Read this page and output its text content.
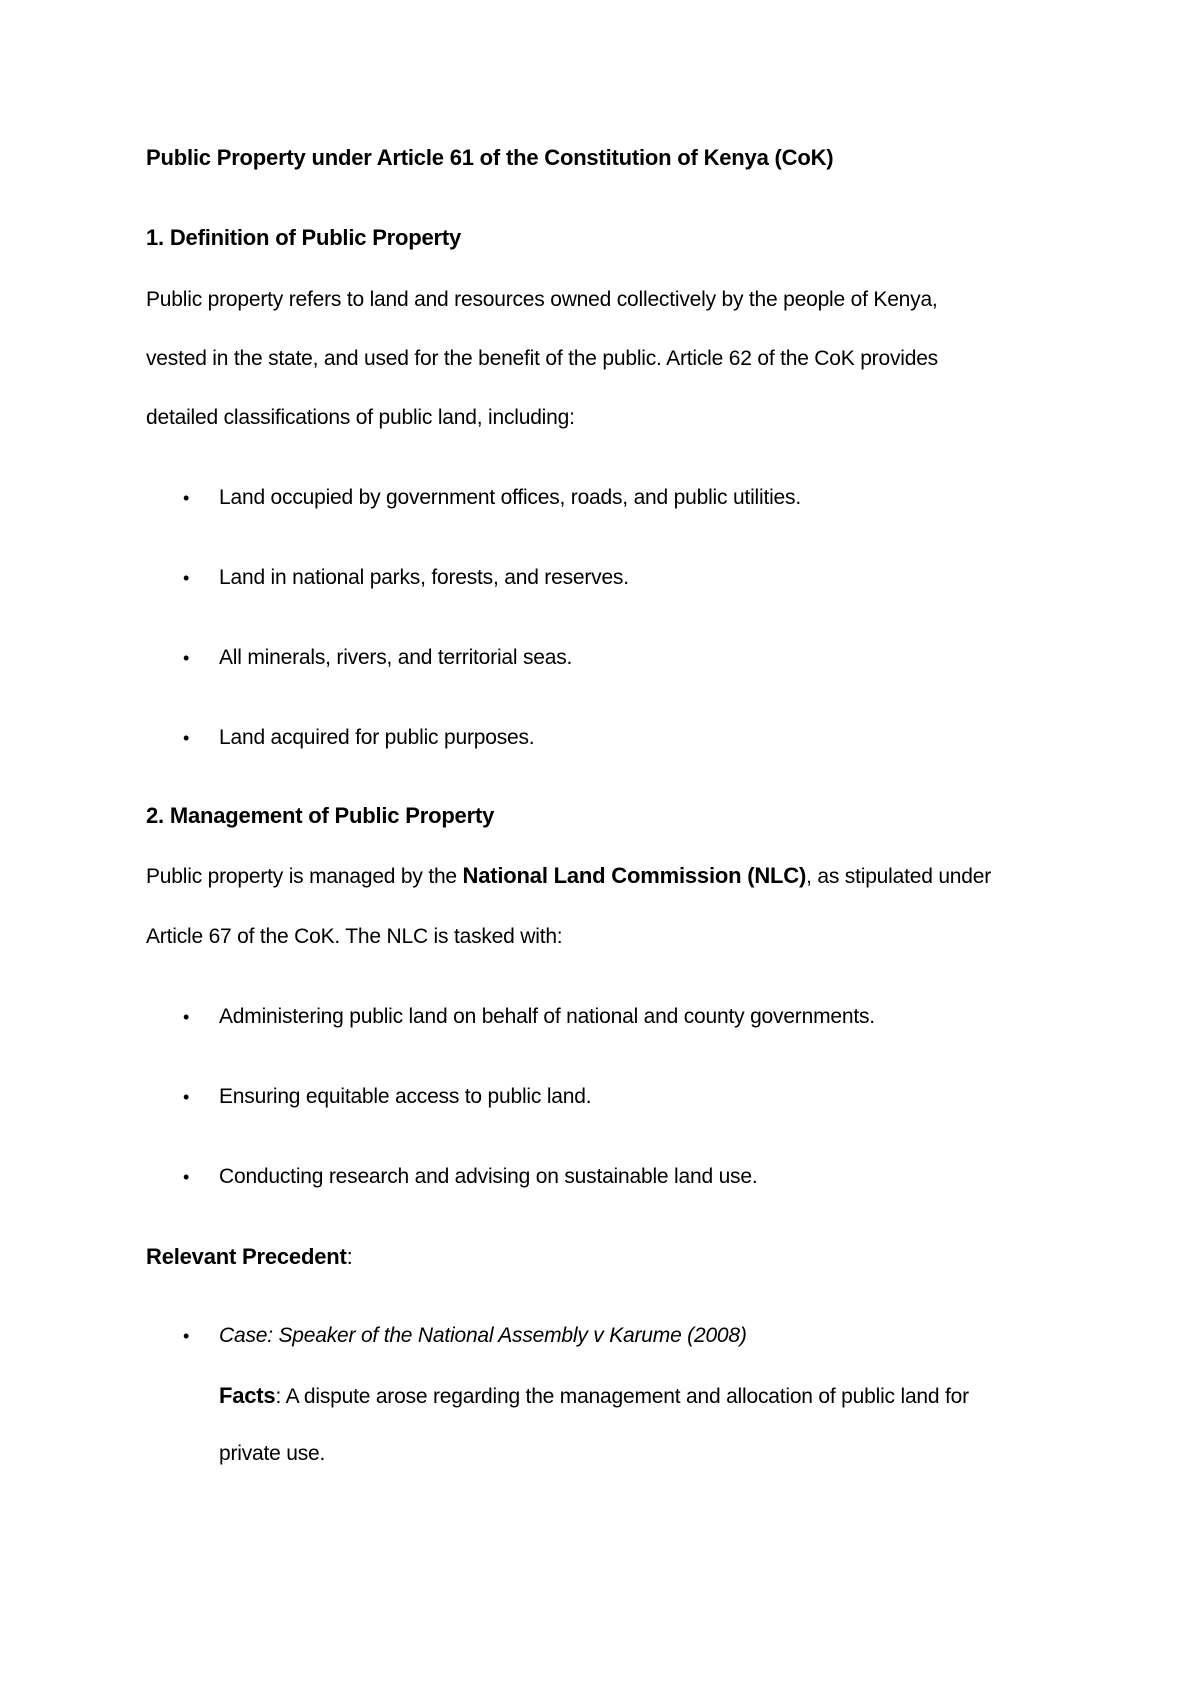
Public Property under Article 61 of the Constitution of Kenya (CoK)
1. Definition of Public Property
Public property refers to land and resources owned collectively by the people of Kenya,
vested in the state, and used for the benefit of the public. Article 62 of the CoK provides
detailed classifications of public land, including:
• Land occupied by government offices, roads, and public utilities.
• Land in national parks, forests, and reserves.
• All minerals, rivers, and territorial seas.
• Land acquired for public purposes.
2. Management of Public Property
Public property is managed by the National Land Commission (NLC), as stipulated under
Article 67 of the CoK. The NLC is tasked with:
• Administering public land on behalf of national and county governments.
• Ensuring equitable access to public land.
• Conducting research and advising on sustainable land use.
Relevant Precedent:
• Case: Speaker of the National Assembly v Karume (2008)
Facts: A dispute arose regarding the management and allocation of public land for
private use.
